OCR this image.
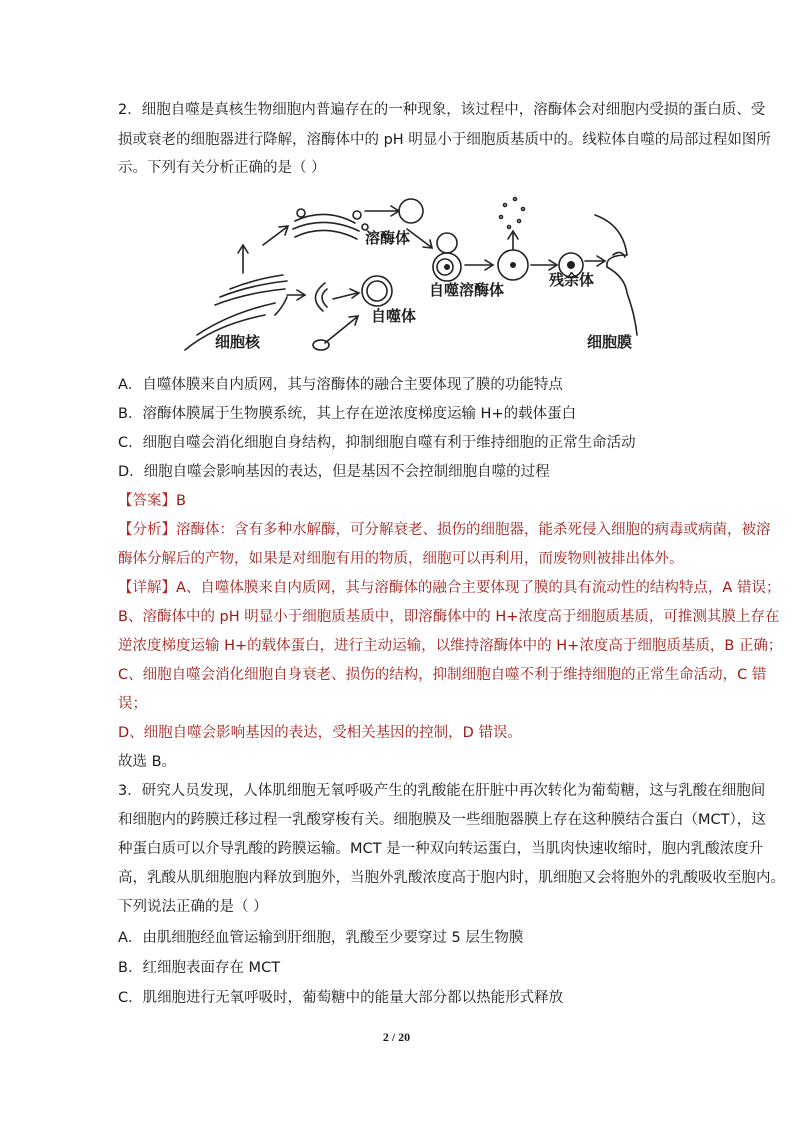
2．细胞自噬是真核生物细胞内普遍存在的一种现象，该过程中，溶酶体会对细胞内受损的蛋白质、受
损或衰老的细胞器进行降解，溶酶体中的 pH 明显小于细胞质基质中的。线粒体自噬的局部过程如图所
示。下列有关分析正确的是（ ）
溶酶体
自噬溶酶体
残余体
自噬体
细胞核	细胞膜
A．自噬体膜来自内质网，其与溶酶体的融合主要体现了膜的功能特点
B．溶酶体膜属于生物膜系统，其上存在逆浓度梯度运输 H+的载体蛋白
C．细胞自噬会消化细胞自身结构，抑制细胞自噬有利于维持细胞的正常生命活动
D．细胞自噬会影响基因的表达，但是基因不会控制细胞自噬的过程
【答案】B
【分析】溶酶体：含有多种水解酶，可分解衰老、损伤的细胞器，能杀死侵入细胞的病毒或病菌，被溶
酶体分解后的产物，如果是对细胞有用的物质，细胞可以再利用，而废物则被排出体外。
【详解】A、自噬体膜来自内质网，其与溶酶体的融合主要体现了膜的具有流动性的结构特点，A 错误；
B、溶酶体中的 pH 明显小于细胞质基质中，即溶酶体中的 H+浓度高于细胞质基质，可推测其膜上存在
逆浓度梯度运输 H+的载体蛋白，进行主动运输，以维持溶酶体中的 H+浓度高于细胞质基质，B 正确；
C、细胞自噬会消化细胞自身衰老、损伤的结构，抑制细胞自噬不利于维持细胞的正常生命活动，C 错
误；
D、细胞自噬会影响基因的表达，受相关基因的控制，D 错误。
故选 B。
3．研究人员发现，人体肌细胞无氧呼吸产生的乳酸能在肝脏中再次转化为葡萄糖，这与乳酸在细胞间
和细胞内的跨膜迁移过程一乳酸穿梭有关。细胞膜及一些细胞器膜上存在这种膜结合蛋白（MCT），这
种蛋白质可以介导乳酸的跨膜运输。MCT 是一种双向转运蛋白，当肌肉快速收缩时，胞内乳酸浓度升
高，乳酸从肌细胞胞内释放到胞外，当胞外乳酸浓度高于胞内时，肌细胞又会将胞外的乳酸吸收至胞内。
下列说法正确的是（ ）
A．由肌细胞经血管运输到肝细胞，乳酸至少要穿过 5 层生物膜
B．红细胞表面存在 MCT
C．肌细胞进行无氧呼吸时，葡萄糖中的能量大部分都以热能形式释放
2 / 20
